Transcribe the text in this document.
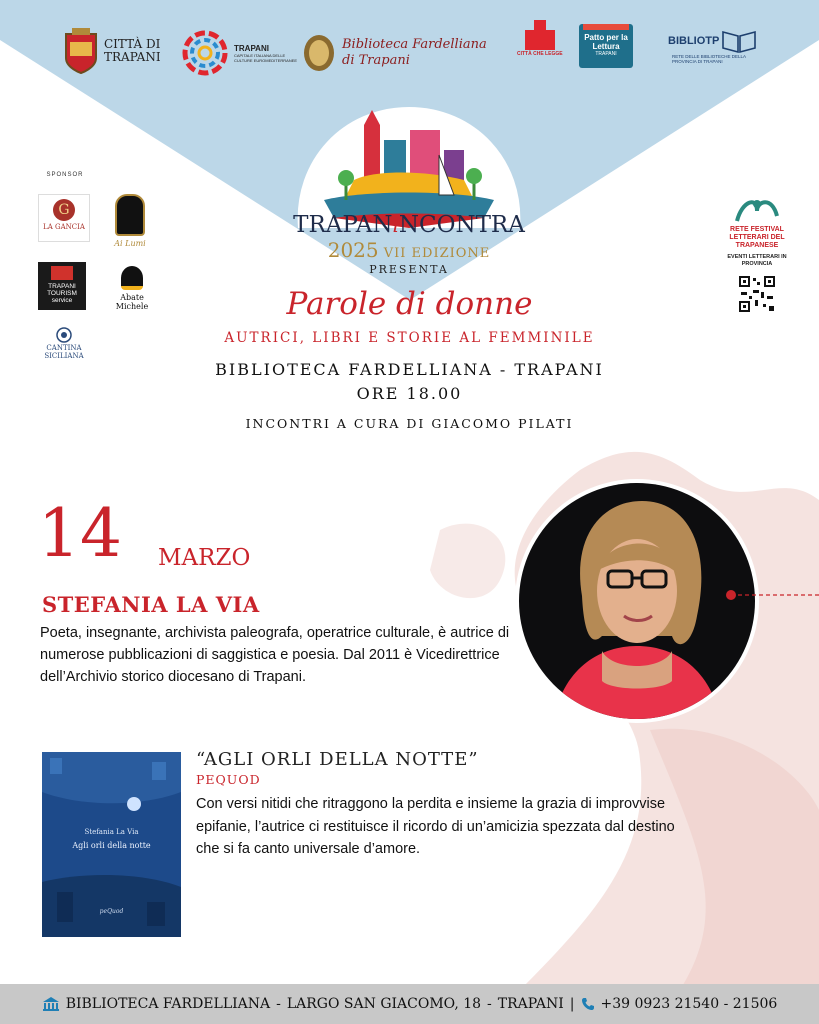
CITTÀ DI
TRAPANI
TRAPANI
CAPITALE ITALIANA DELLE CULTURE EUROMEDITERRANEE
Biblioteca Fardelliana
di Trapani	CITTÀ CHE LEGGE
Patto per la Lettura
TRAPANI
BIBLIOTP
RETE DELLE BIBLIOTECHE DELLA PROVINCIA DI TRAPANI
TRAPANiNCONTRA
2025 VII EDIZIONE
PRESENTA
SPONSOR
G
LA GANCIA
Ai Lumi
TRAPANI TOURISM service	Abate Michele
CANTINA SICILIANA
RETE FESTIVAL LETTERARI DEL TRAPANESE
EVENTI LETTERARI IN PROVINCIA
Parole di donne
AUTRICI, LIBRI E STORIE AL FEMMINILE
BIBLIOTECA FARDELLIANA - TRAPANI
ORE 18.00
INCONTRI A CURA DI GIACOMO PILATI
14 MARZO
STEFANIA LA VIA
Poeta, insegnante, archivista paleografa, operatrice culturale, è autrice di numerose pubblicazioni di saggistica e poesia. Dal 2011 è Vicedirettrice dell’Archivio storico diocesano di Trapani.
Stefania La Via
Agli orli della notte
peQuod
“AGLI ORLI DELLA NOTTE”
PEQUOD
Con versi nitidi che ritraggono la perdita e insieme la grazia di improvvise epifanie, l’autrice ci restituisce il ricordo di un’amicizia spezzata dal destino che si fa canto universale d’amore.
BIBLIOTECA FARDELLIANA - LARGO SAN GIACOMO, 18 - TRAPANI | +39 0923 21540 - 21506
